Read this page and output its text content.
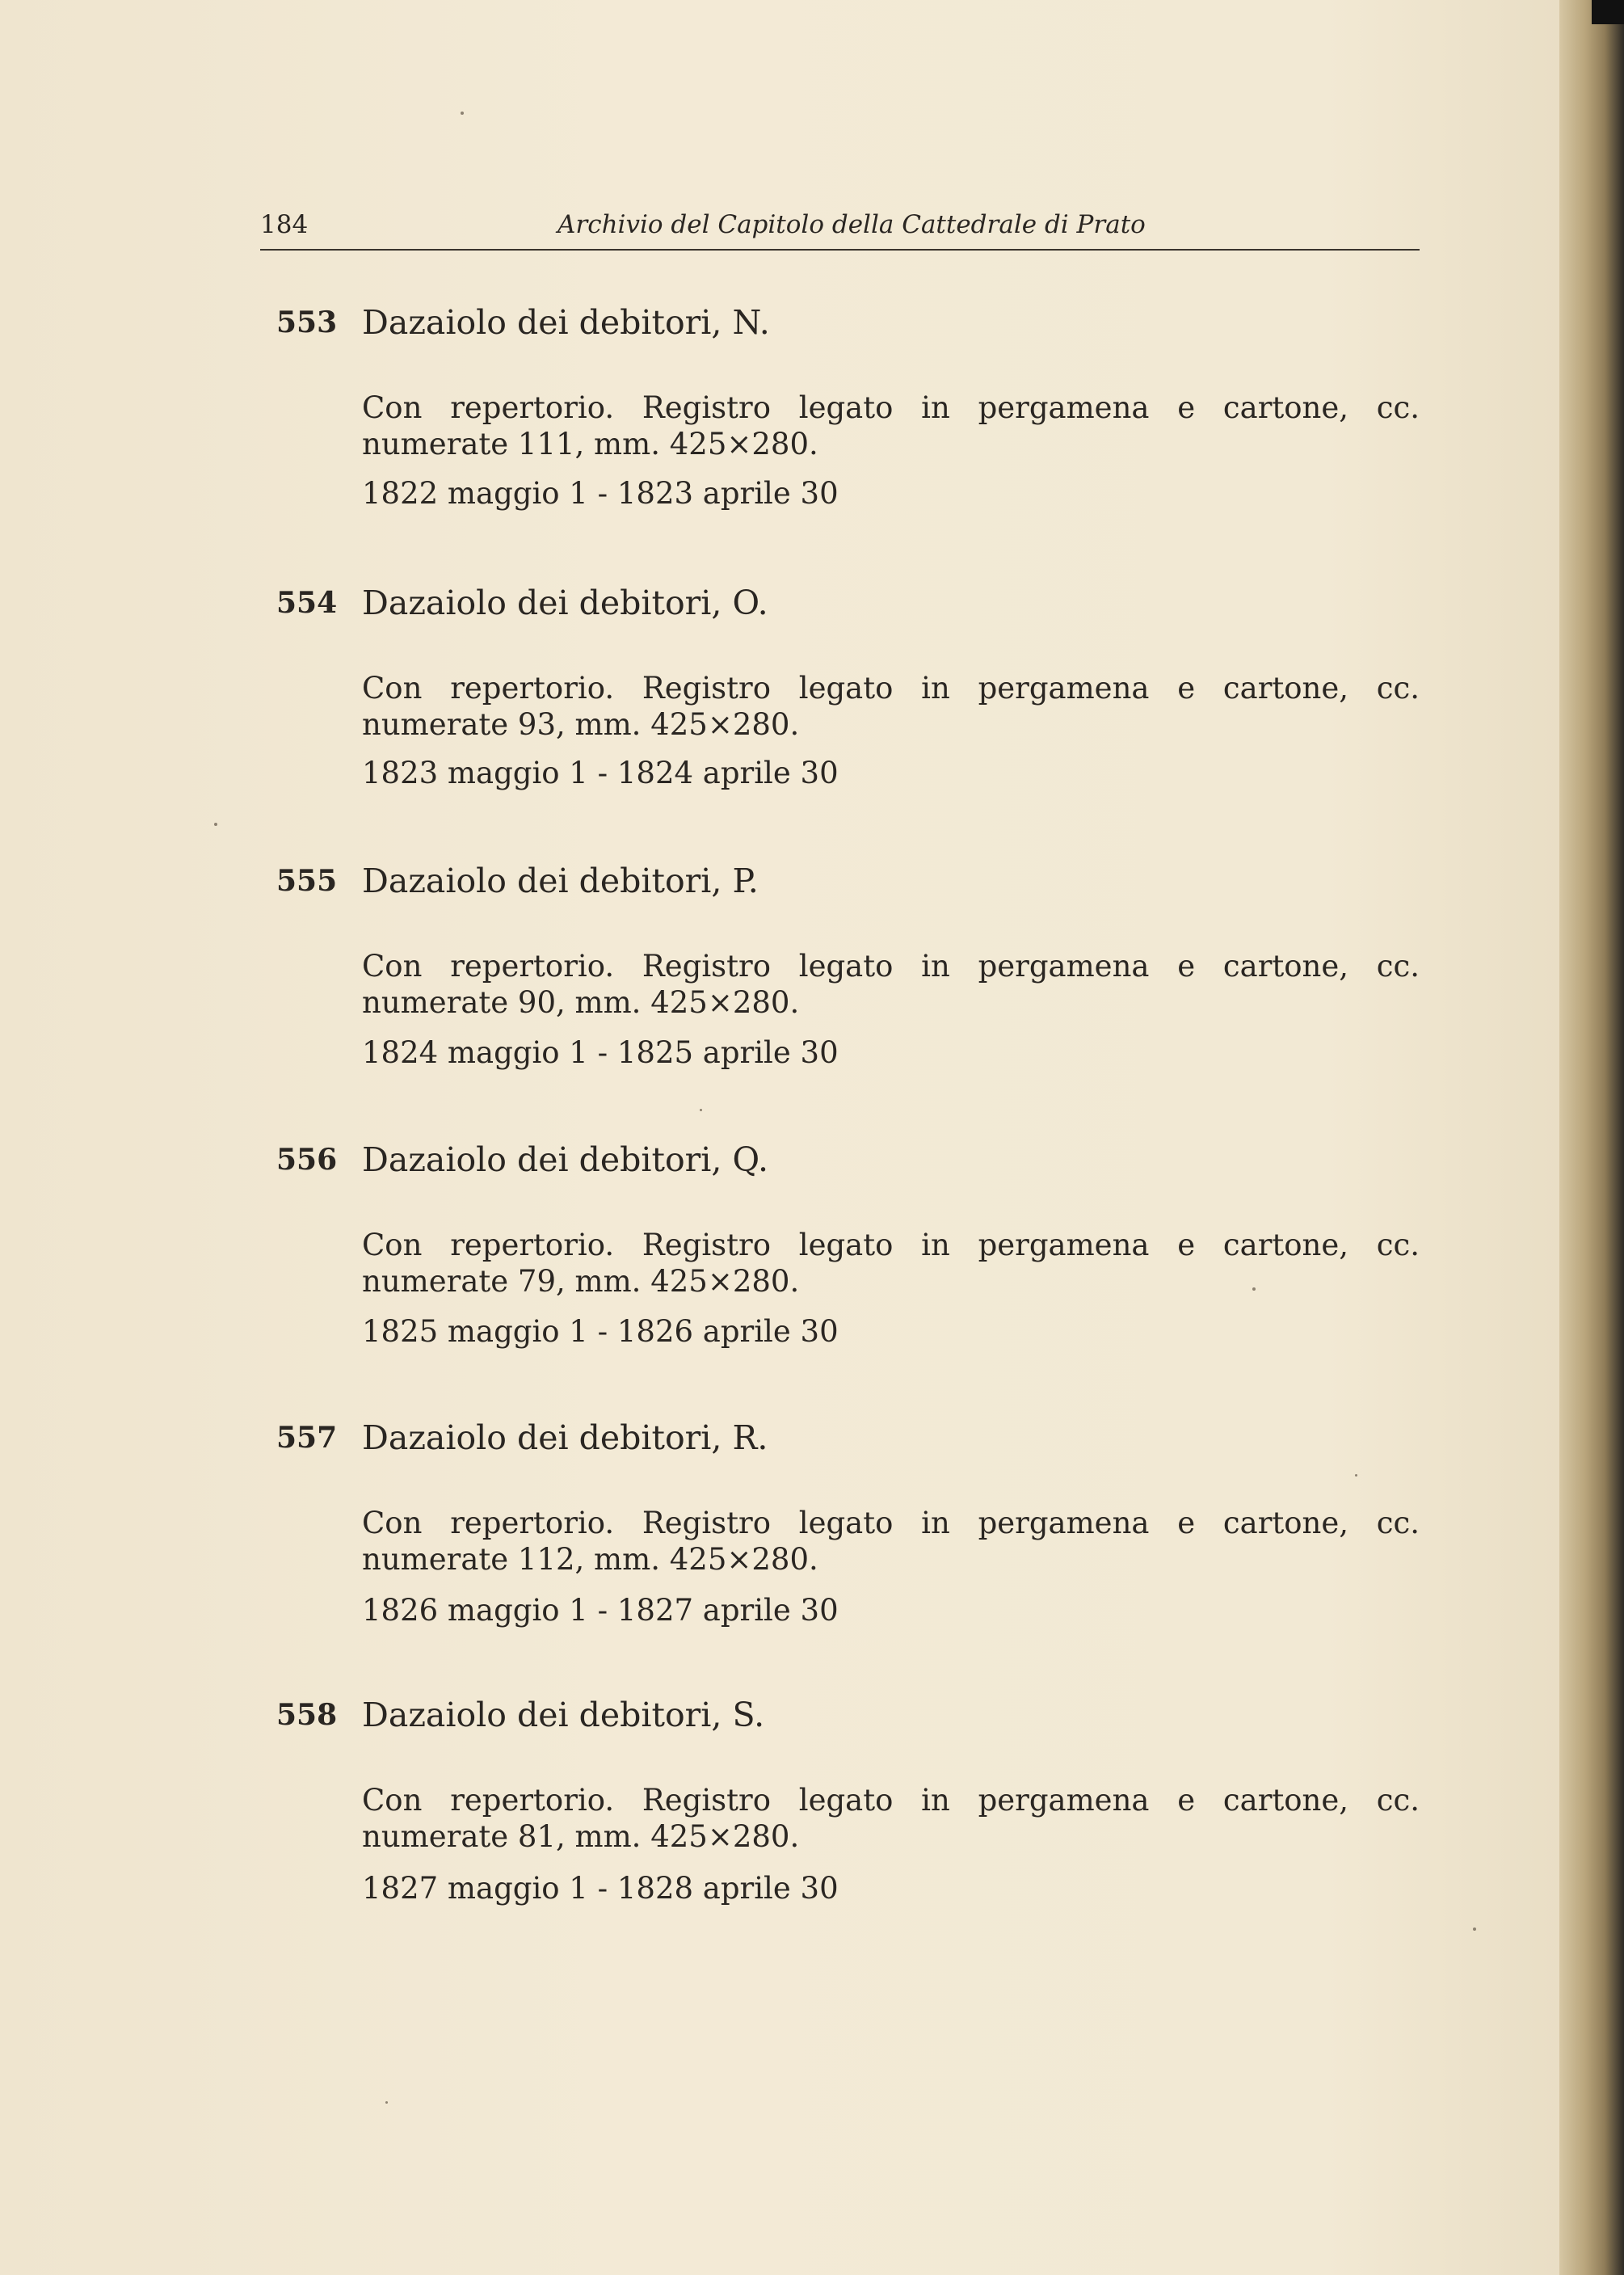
184	Archivio del Capitolo della Cattedrale di Prato
553 Dazaiolo dei debitori, N.
Con repertorio. Registro legato in pergamena e cartone, cc. numerate 111, mm. 425×280.
1822 maggio 1 - 1823 aprile 30
554 Dazaiolo dei debitori, O.
Con repertorio. Registro legato in pergamena e cartone, cc. numerate 93, mm. 425×280.
1823 maggio 1 - 1824 aprile 30
555 Dazaiolo dei debitori, P.
Con repertorio. Registro legato in pergamena e cartone, cc. numerate 90, mm. 425×280.
1824 maggio 1 - 1825 aprile 30
556 Dazaiolo dei debitori, Q.
Con repertorio. Registro legato in pergamena e cartone, cc. numerate 79, mm. 425×280.
1825 maggio 1 - 1826 aprile 30
557 Dazaiolo dei debitori, R.
Con repertorio. Registro legato in pergamena e cartone, cc. numerate 112, mm. 425×280.
1826 maggio 1 - 1827 aprile 30
558 Dazaiolo dei debitori, S.
Con repertorio. Registro legato in pergamena e cartone, cc. numerate 81, mm. 425×280.
1827 maggio 1 - 1828 aprile 30
